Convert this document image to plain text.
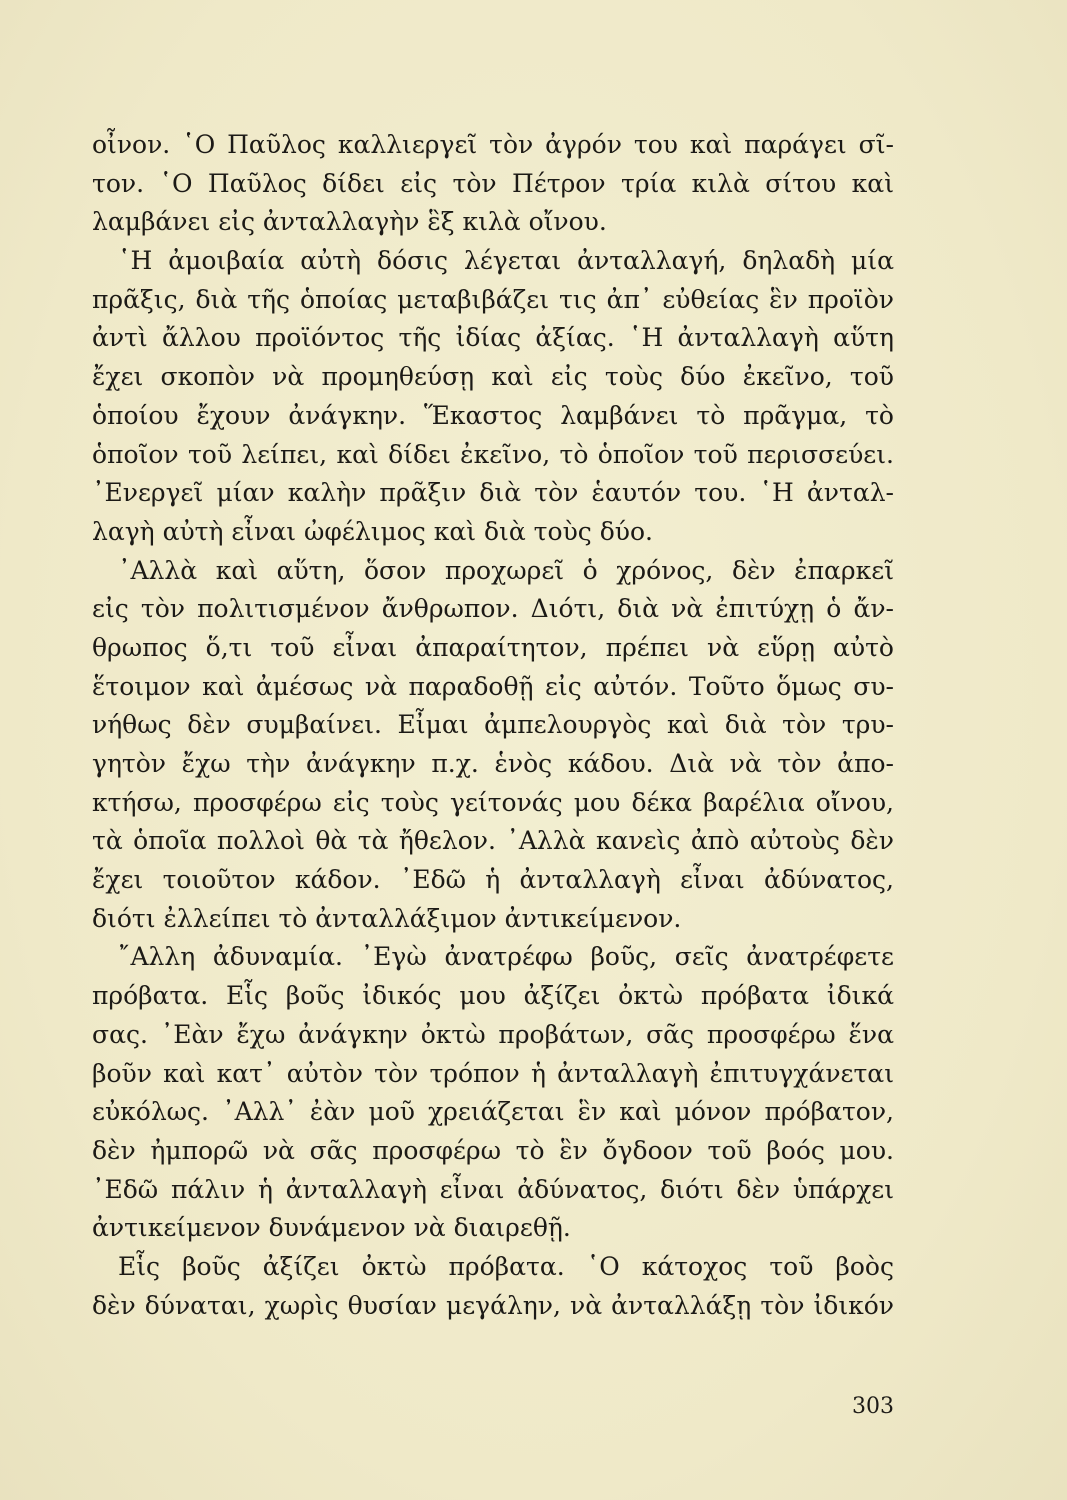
οἶνον. ῾Ο Παῦλος καλλιεργεῖ τὸν ἀγρόν του καὶ παράγει σῖ-
τον. ῾Ο Παῦλος δίδει εἰς τὸν Πέτρον τρία κιλὰ σίτου καὶ
λαμβάνει εἰς ἀνταλλαγὴν ἓξ κιλὰ οἴνου.

῾Η ἀμοιβαία αὐτὴ δόσις λέγεται ἀνταλλαγή, δηλαδὴ μία
πρᾶξις, διὰ τῆς ὁποίας μεταβιβάζει τις ἀπ᾿ εὐθείας ἓν προϊὸν
ἀντὶ ἄλλου προϊόντος τῆς ἰδίας ἀξίας. ῾Η ἀνταλλαγὴ αὕτη
ἔχει σκοπὸν νὰ προμηθεύσῃ καὶ εἰς τοὺς δύο ἐκεῖνο, τοῦ
ὁποίου ἔχουν ἀνάγκην. Ἕκαστος λαμβάνει τὸ πρᾶγμα, τὸ
ὁποῖον τοῦ λείπει, καὶ δίδει ἐκεῖνο, τὸ ὁποῖον τοῦ περισσεύει.
᾿Ενεργεῖ μίαν καλὴν πρᾶξιν διὰ τὸν ἑαυτόν του. ῾Η ἀνταλ-
λαγὴ αὐτὴ εἶναι ὠφέλιμος καὶ διὰ τοὺς δύο.

᾿Αλλὰ καὶ αὕτη, ὅσον προχωρεῖ ὁ χρόνος, δὲν ἐπαρκεῖ
εἰς τὸν πολιτισμένον ἄνθρωπον. Διότι, διὰ νὰ ἐπιτύχῃ ὁ ἄν-
θρωπος ὅ,τι τοῦ εἶναι ἀπαραίτητον, πρέπει νὰ εὕρῃ αὐτὸ
ἕτοιμον καὶ ἀμέσως νὰ παραδοθῇ εἰς αὐτόν. Τοῦτο ὅμως συ-
νήθως δὲν συμβαίνει. Εἶμαι ἀμπελουργὸς καὶ διὰ τὸν τρυ-
γητὸν ἔχω τὴν ἀνάγκην π.χ. ἑνὸς κάδου. Διὰ νὰ τὸν ἀπο-
κτήσω, προσφέρω εἰς τοὺς γείτονάς μου δέκα βαρέλια οἴνου,
τὰ ὁποῖα πολλοὶ θὰ τὰ ἤθελον. ᾿Αλλὰ κανεὶς ἀπὸ αὐτοὺς δὲν
ἔχει τοιοῦτον κάδον. ᾿Εδῶ ἡ ἀνταλλαγὴ εἶναι ἀδύνατος,
διότι ἐλλείπει τὸ ἀνταλλάξιμον ἀντικείμενον.

῎Αλλη ἀδυναμία. ᾿Εγὼ ἀνατρέφω βοῦς, σεῖς ἀνατρέφετε
πρόβατα. Εἷς βοῦς ἰδικός μου ἀξίζει ὀκτὼ πρόβατα ἰδικά
σας. ᾿Εὰν ἔχω ἀνάγκην ὀκτὼ προβάτων, σᾶς προσφέρω ἕνα
βοῦν καὶ κατ᾿ αὐτὸν τὸν τρόπον ἡ ἀνταλλαγὴ ἐπιτυγχάνεται
εὐκόλως. ᾿Αλλ᾿ ἐὰν μοῦ χρειάζεται ἓν καὶ μόνον πρόβατον,
δὲν ἠμπορῶ νὰ σᾶς προσφέρω τὸ ἓν ὄγδοον τοῦ βοός μου.
᾿Εδῶ πάλιν ἡ ἀνταλλαγὴ εἶναι ἀδύνατος, διότι δὲν ὑπάρχει
ἀντικείμενον δυνάμενον νὰ διαιρεθῇ.

Εἷς βοῦς ἀξίζει ὀκτὼ πρόβατα. ῾Ο κάτοχος τοῦ βοὸς
δὲν δύναται, χωρὶς θυσίαν μεγάλην, νὰ ἀνταλλάξῃ τὸν ἰδικόν

303
